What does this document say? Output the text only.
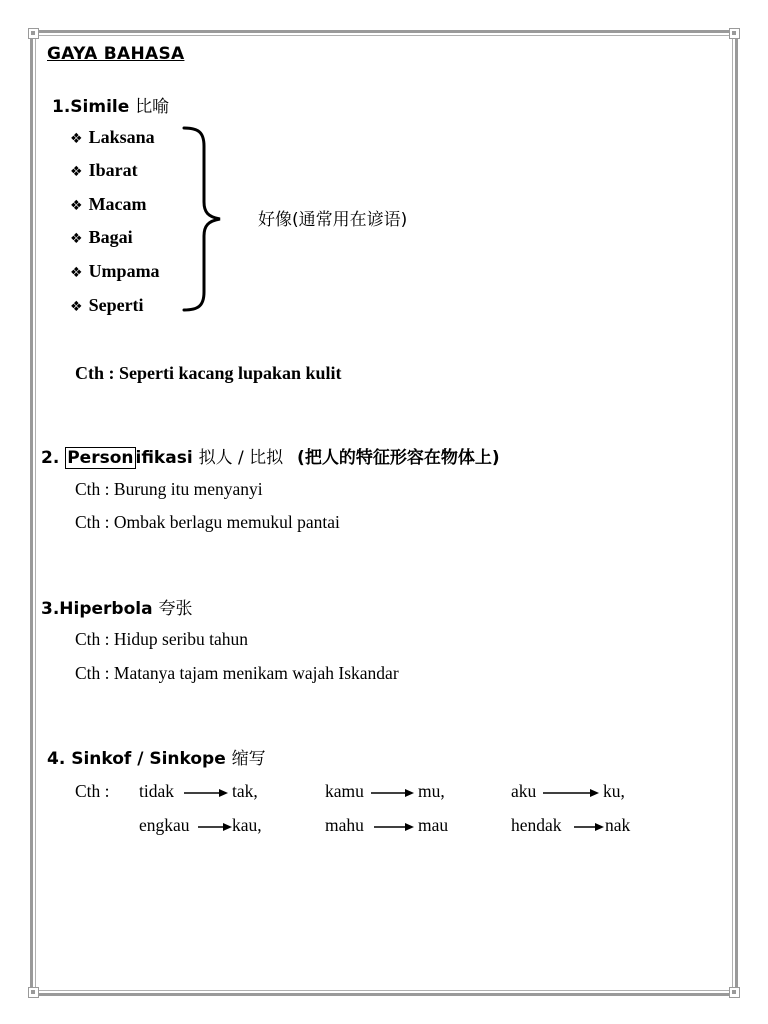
GAYA BAHASA
1.Simile 比喻
❖ Laksana
❖ Ibarat
❖ Macam
❖ Bagai
❖ Umpama
❖ Seperti
好像(通常用在谚语)
Cth : Seperti kacang lupakan kulit
2. Person ifikasi 拟人 / 比拟 (把人的特征形容在物体上)
Cth : Burung itu menyanyi
Cth : Ombak berlagu memukul pantai
3.Hiperbola 夸张
Cth : Hidup seribu tahun
Cth : Matanya tajam menikam wajah Iskandar
4. Sinkof / Sinkope 缩写
Cth : tidak	tak,	kamu	mu,	aku	ku,
engkau kau,	mahu	mau	hendak nak
